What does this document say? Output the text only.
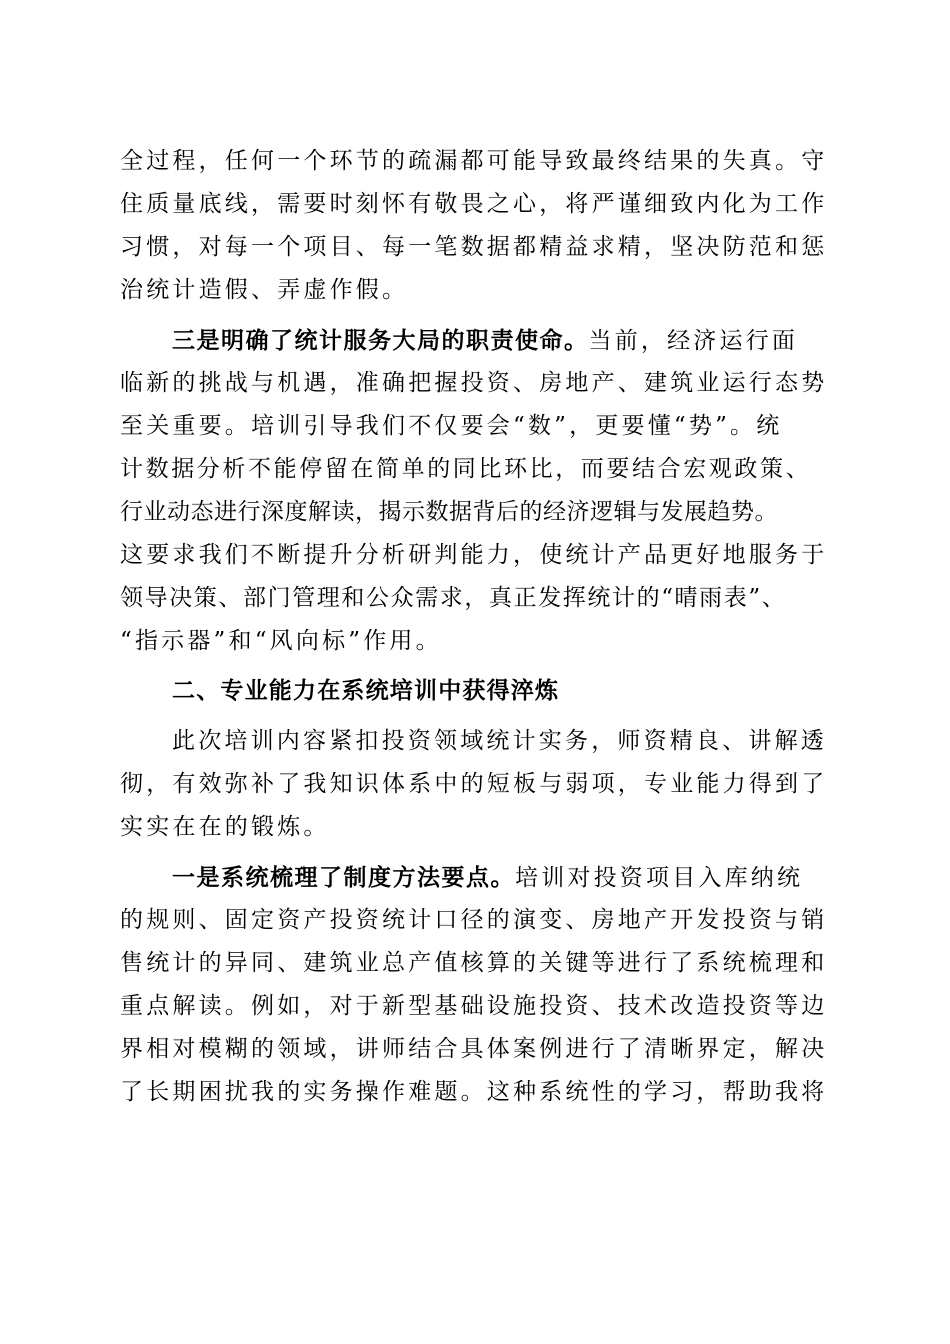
全过程，任何一个环节的疏漏都可能导致最终结果的失真。守
住质量底线，需要时刻怀有敬畏之心，将严谨细致内化为工作
习惯，对每一个项目、每一笔数据都精益求精，坚决防范和惩
治统计造假、弄虚作假。
三是明确了统计服务大局的职责使命。当前，经济运行面
临新的挑战与机遇，准确把握投资、房地产、建筑业运行态势
至关重要。培训引导我们不仅要会“数”，更要懂“势”。统
计数据分析不能停留在简单的同比环比，而要结合宏观政策、
行业动态进行深度解读，揭示数据背后的经济逻辑与发展趋势。
这要求我们不断提升分析研判能力，使统计产品更好地服务于
领导决策、部门管理和公众需求，真正发挥统计的“晴雨表”、
“指示器”和“风向标”作用。
二、专业能力在系统培训中获得淬炼
此次培训内容紧扣投资领域统计实务，师资精良、讲解透
彻，有效弥补了我知识体系中的短板与弱项，专业能力得到了
实实在在的锻炼。
一是系统梳理了制度方法要点。培训对投资项目入库纳统
的规则、固定资产投资统计口径的演变、房地产开发投资与销
售统计的异同、建筑业总产值核算的关键等进行了系统梳理和
重点解读。例如，对于新型基础设施投资、技术改造投资等边
界相对模糊的领域，讲师结合具体案例进行了清晰界定，解决
了长期困扰我的实务操作难题。这种系统性的学习，帮助我将
